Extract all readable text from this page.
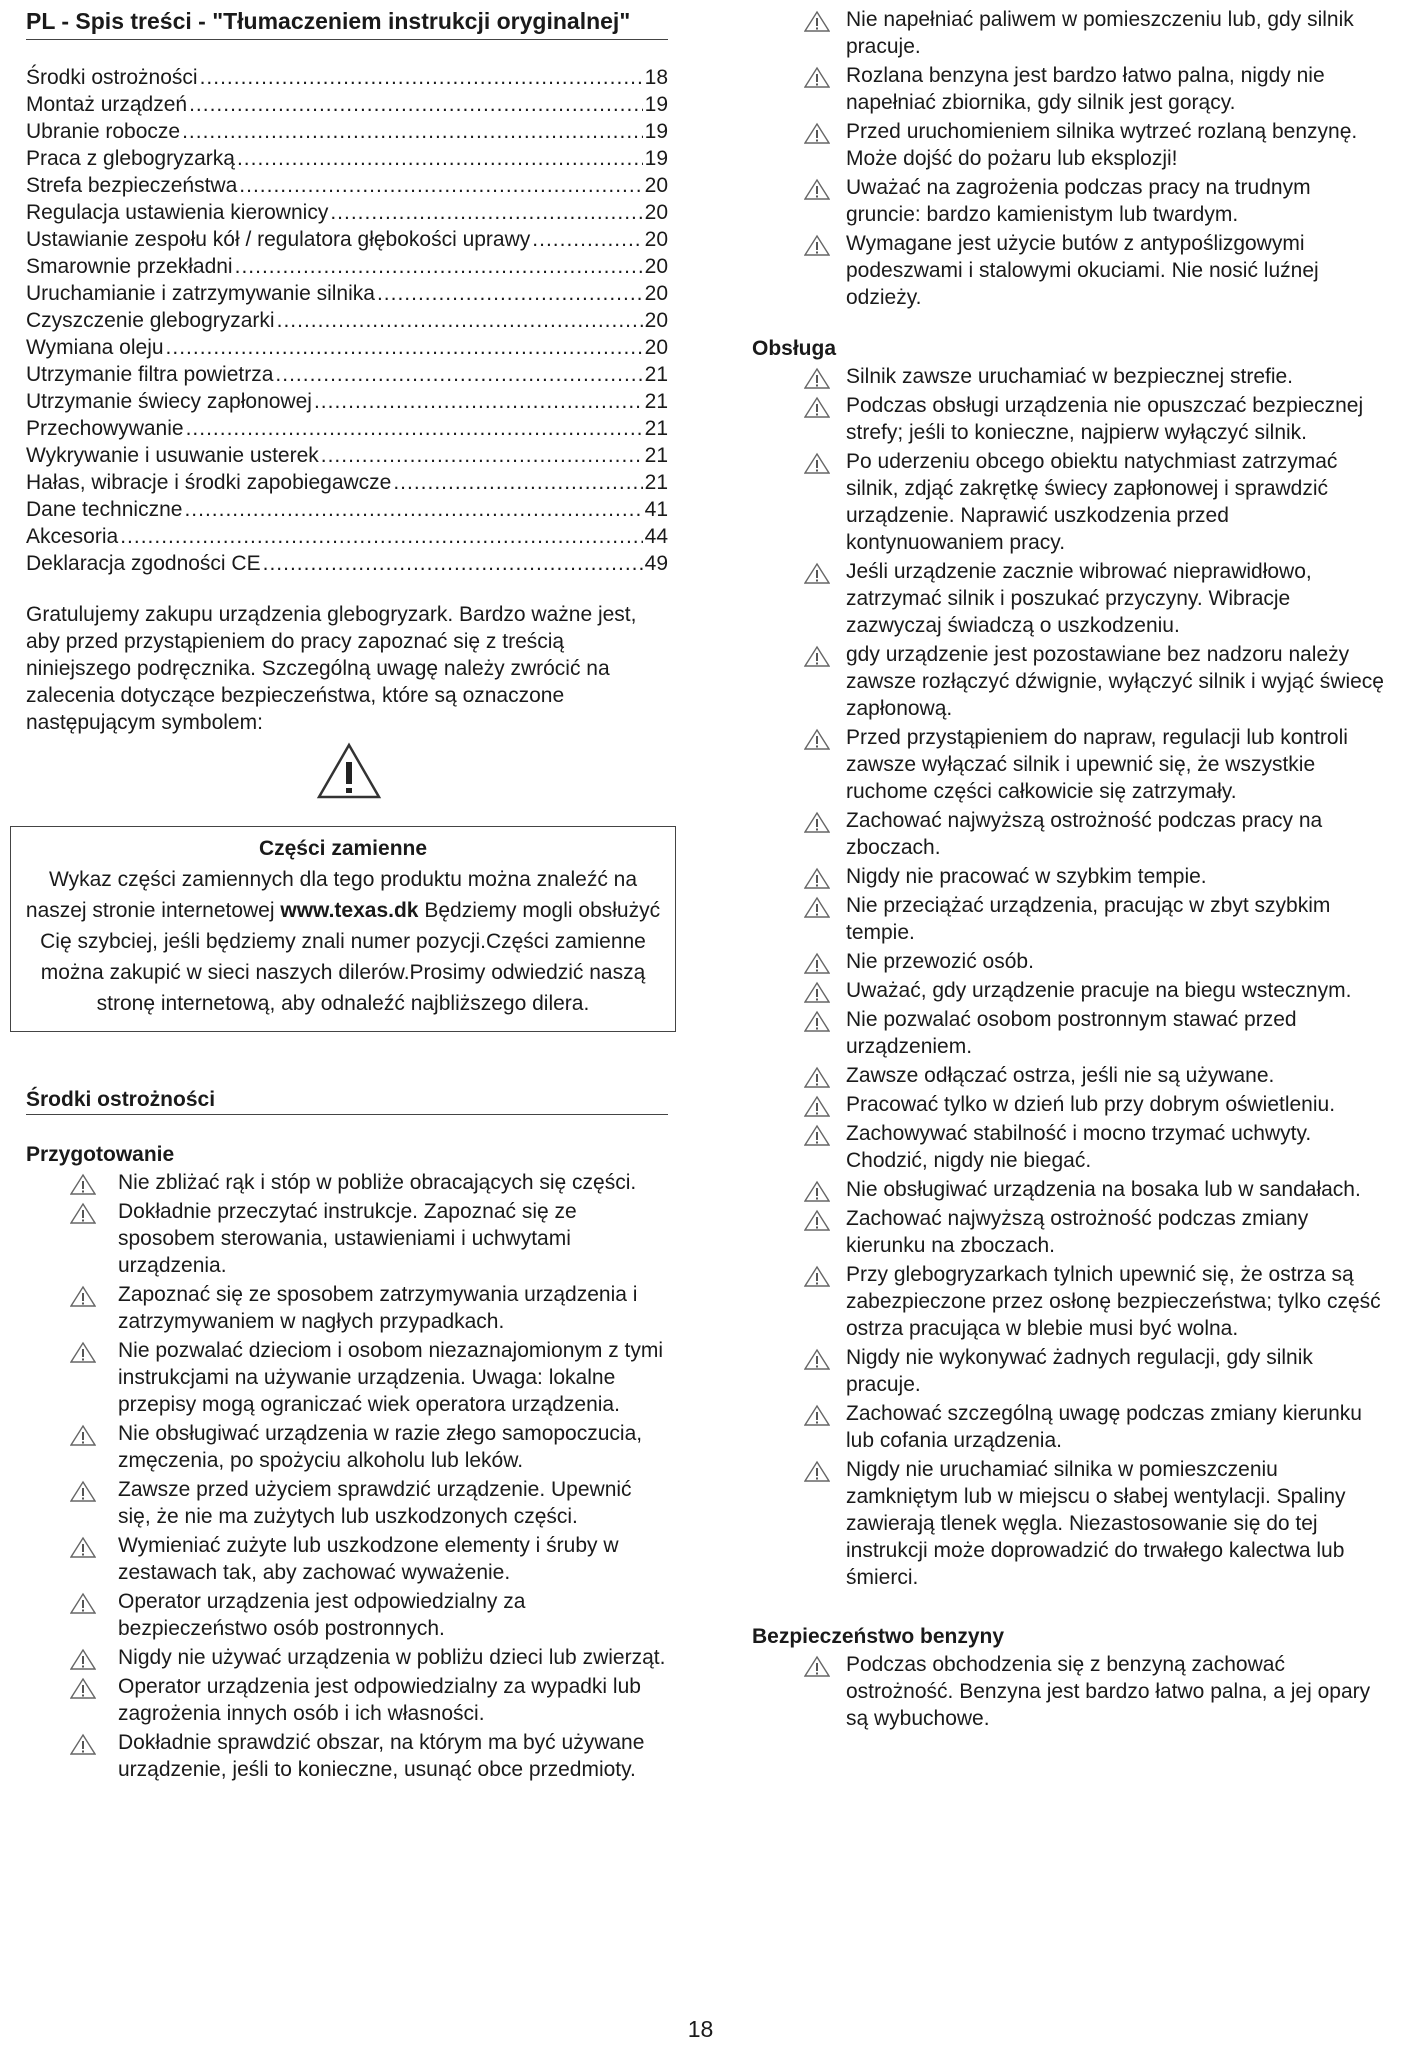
PL - Spis treści - "Tłumaczeniem instrukcji oryginalnej"
Środki ostrożności .....	18
Montaż urządzeń .....	19
Ubranie robocze .....	19
Praca z glebogryzarką .....	19
Strefa bezpieczeństwa .....	20
Regulacja ustawienia kierownicy .....	20
Ustawianie zespołu kół / regulatora głębokości uprawy .....	20
Smarownie przekładni .....	20
Uruchamianie i zatrzymywanie silnika .....	20
Czyszczenie glebogryzarki .....	20
Wymiana oleju .....	20
Utrzymanie filtra powietrza .....	21
Utrzymanie świecy zapłonowej .....	21
Przechowywanie .....	21
Wykrywanie i usuwanie usterek .....	21
Hałas, wibracje i środki zapobiegawcze .....	21
Dane techniczne .....	41
Akcesoria .....	44
Deklaracja zgodności CE .....	49
Gratulujemy zakupu urządzenia glebogryzark. Bardzo ważne jest, aby przed przystąpieniem do pracy zapoznać się z treścią niniejszego podręcznika. Szczególną uwagę należy zwrócić na zalecenia dotyczące bezpieczeństwa, które są oznaczone następującym symbolem:
Części zamienne
Wykaz części zamiennych dla tego produktu można znaleźć na naszej stronie internetowej www.texas.dk Będziemy mogli obsłużyć Cię szybciej, jeśli będziemy znali numer pozycji.Części zamienne można zakupić w sieci naszych dilerów.Prosimy odwiedzić naszą stronę internetową, aby odnaleźć najbliższego dilera.
Środki ostrożności
Przygotowanie
Nie zbliżać rąk i stóp w pobliże obracających się części.
Dokładnie przeczytać instrukcje. Zapoznać się ze sposobem sterowania, ustawieniami i uchwytami urządzenia.
Zapoznać się ze sposobem zatrzymywania urządzenia i zatrzymywaniem w nagłych przypadkach.
Nie pozwalać dzieciom i osobom niezaznajomionym z tymi instrukcjami na używanie urządzenia. Uwaga: lokalne przepisy mogą ograniczać wiek operatora urządzenia.
Nie obsługiwać urządzenia w razie złego samopoczucia, zmęczenia, po spożyciu alkoholu lub leków.
Zawsze przed użyciem sprawdzić urządzenie. Upewnić się, że nie ma zużytych lub uszkodzonych części.
Wymieniać zużyte lub uszkodzone elementy i śruby w zestawach tak, aby zachować wyważenie.
Operator urządzenia jest odpowiedzialny za bezpieczeństwo osób postronnych.
Nigdy nie używać urządzenia w pobliżu dzieci lub zwierząt.
Operator urządzenia jest odpowiedzialny za wypadki lub zagrożenia innych osób i ich własności.
Dokładnie sprawdzić obszar, na którym ma być używane urządzenie, jeśli to konieczne, usunąć obce przedmioty.
Nie napełniać paliwem w pomieszczeniu lub, gdy silnik pracuje.
Rozlana benzyna jest bardzo łatwo palna, nigdy nie napełniać zbiornika, gdy silnik jest gorący.
Przed uruchomieniem silnika wytrzeć rozlaną benzynę. Może dojść do pożaru lub eksplozji!
Uważać na zagrożenia podczas pracy na trudnym gruncie: bardzo kamienistym lub twardym.
Wymagane jest użycie butów z antypoślizgowymi podeszwami i stalowymi okuciami. Nie nosić luźnej odzieży.
Obsługa
Silnik zawsze uruchamiać w bezpiecznej strefie.
Podczas obsługi urządzenia nie opuszczać bezpiecznej strefy; jeśli to konieczne, najpierw wyłączyć silnik.
Po uderzeniu obcego obiektu natychmiast zatrzymać silnik, zdjąć zakrętkę świecy zapłonowej i sprawdzić urządzenie. Naprawić uszkodzenia przed kontynuowaniem pracy.
Jeśli urządzenie zacznie wibrować nieprawidłowo, zatrzymać silnik i poszukać przyczyny. Wibracje zazwyczaj świadczą o uszkodzeniu.
gdy urządzenie jest pozostawiane bez nadzoru należy zawsze rozłączyć dźwignie, wyłączyć silnik i wyjąć świecę zapłonową.
Przed przystąpieniem do napraw, regulacji lub kontroli zawsze wyłączać silnik i upewnić się, że wszystkie ruchome części całkowicie się zatrzymały.
Zachować najwyższą ostrożność podczas pracy na zboczach.
Nigdy nie pracować w szybkim tempie.
Nie przeciążać urządzenia, pracując w zbyt szybkim tempie.
Nie przewozić osób.
Uważać, gdy urządzenie pracuje na biegu wstecznym.
Nie pozwalać osobom postronnym stawać przed urządzeniem.
Zawsze odłączać ostrza, jeśli nie są używane.
Pracować tylko w dzień lub przy dobrym oświetleniu.
Zachowywać stabilność i mocno trzymać uchwyty. Chodzić, nigdy nie biegać.
Nie obsługiwać urządzenia na bosaka lub w sandałach.
Zachować najwyższą ostrożność podczas zmiany kierunku na zboczach.
Przy glebogryzarkach tylnich upewnić się, że ostrza są zabezpieczone przez osłonę bezpieczeństwa; tylko część ostrza pracująca w blebie musi być wolna.
Nigdy nie wykonywać żadnych regulacji, gdy silnik pracuje.
Zachować szczególną uwagę podczas zmiany kierunku lub cofania urządzenia.
Nigdy nie uruchamiać silnika w pomieszczeniu zamkniętym lub w miejscu o słabej wentylacji. Spaliny zawierają tlenek węgla. Niezastosowanie się do tej instrukcji może doprowadzić do trwałego kalectwa lub śmierci.
Bezpieczeństwo benzyny
Podczas obchodzenia się z benzyną zachować ostrożność. Benzyna jest bardzo łatwo palna, a jej opary są wybuchowe.
18
